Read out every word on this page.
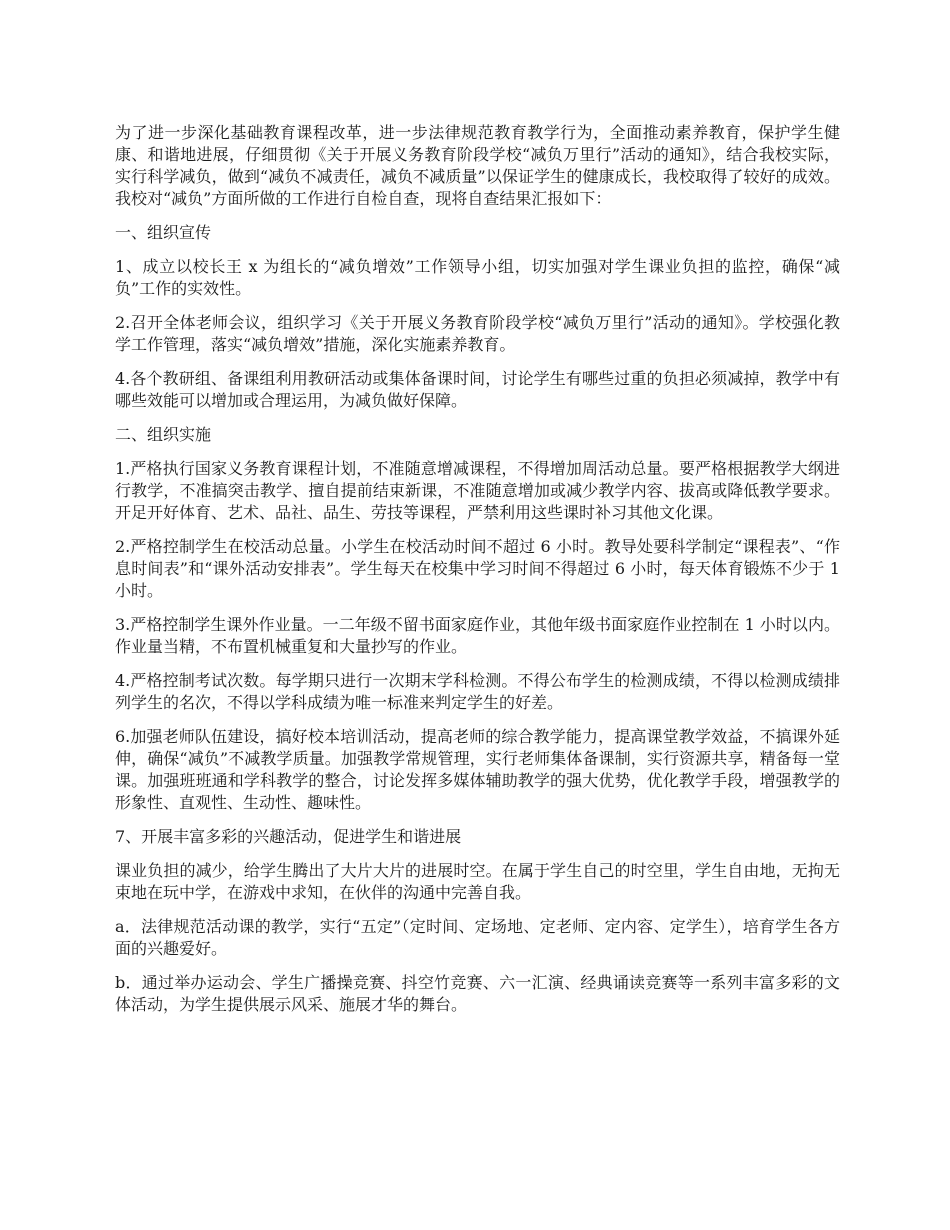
为了进一步深化基础教育课程改革，进一步法律规范教育教学行为，全面推动素养教育，保护学生健康、和谐地进展，仔细贯彻《关于开展义务教育阶段学校“减负万里行”活动的通知》，结合我校实际，实行科学减负，做到“减负不减责任，减负不减质量”以保证学生的健康成长，我校取得了较好的成效。我校对“减负”方面所做的工作进行自检自查，现将自查结果汇报如下：

一、组织宣传

1、成立以校长王 x 为组长的“减负增效”工作领导小组，切实加强对学生课业负担的监控，确保“减负”工作的实效性。

2.召开全体老师会议，组织学习《关于开展义务教育阶段学校“减负万里行”活动的通知》。学校强化教学工作管理，落实“减负增效”措施，深化实施素养教育。

4.各个教研组、备课组利用教研活动或集体备课时间，讨论学生有哪些过重的负担必须减掉，教学中有哪些效能可以增加或合理运用，为减负做好保障。

二、组织实施

1.严格执行国家义务教育课程计划，不准随意增减课程，不得增加周活动总量。要严格根据教学大纲进行教学，不准搞突击教学、擅自提前结束新课，不准随意增加或减少教学内容、拔高或降低教学要求。开足开好体育、艺术、品社、品生、劳技等课程，严禁利用这些课时补习其他文化课。

2.严格控制学生在校活动总量。小学生在校活动时间不超过 6 小时。教导处要科学制定“课程表”、“作息时间表”和“课外活动安排表”。学生每天在校集中学习时间不得超过 6 小时，每天体育锻炼不少于 1 小时。

3.严格控制学生课外作业量。一二年级不留书面家庭作业，其他年级书面家庭作业控制在 1 小时以内。作业量当精，不布置机械重复和大量抄写的作业。

4.严格控制考试次数。每学期只进行一次期末学科检测。不得公布学生的检测成绩，不得以检测成绩排列学生的名次，不得以学科成绩为唯一标准来判定学生的好差。

6.加强老师队伍建设，搞好校本培训活动，提高老师的综合教学能力，提高课堂教学效益，不搞课外延伸，确保“减负”不减教学质量。加强教学常规管理，实行老师集体备课制，实行资源共享，精备每一堂课。加强班班通和学科教学的整合，讨论发挥多媒体辅助教学的强大优势，优化教学手段，增强教学的形象性、直观性、生动性、趣味性。

7、开展丰富多彩的兴趣活动，促进学生和谐进展

课业负担的减少，给学生腾出了大片大片的进展时空。在属于学生自己的时空里，学生自由地，无拘无束地在玩中学，在游戏中求知，在伙伴的沟通中完善自我。

a．法律规范活动课的教学，实行“五定”（定时间、定场地、定老师、定内容、定学生），培育学生各方面的兴趣爱好。

b．通过举办运动会、学生广播操竞赛、抖空竹竞赛、六一汇演、经典诵读竞赛等一系列丰富多彩的文体活动，为学生提供展示风采、施展才华的舞台。
